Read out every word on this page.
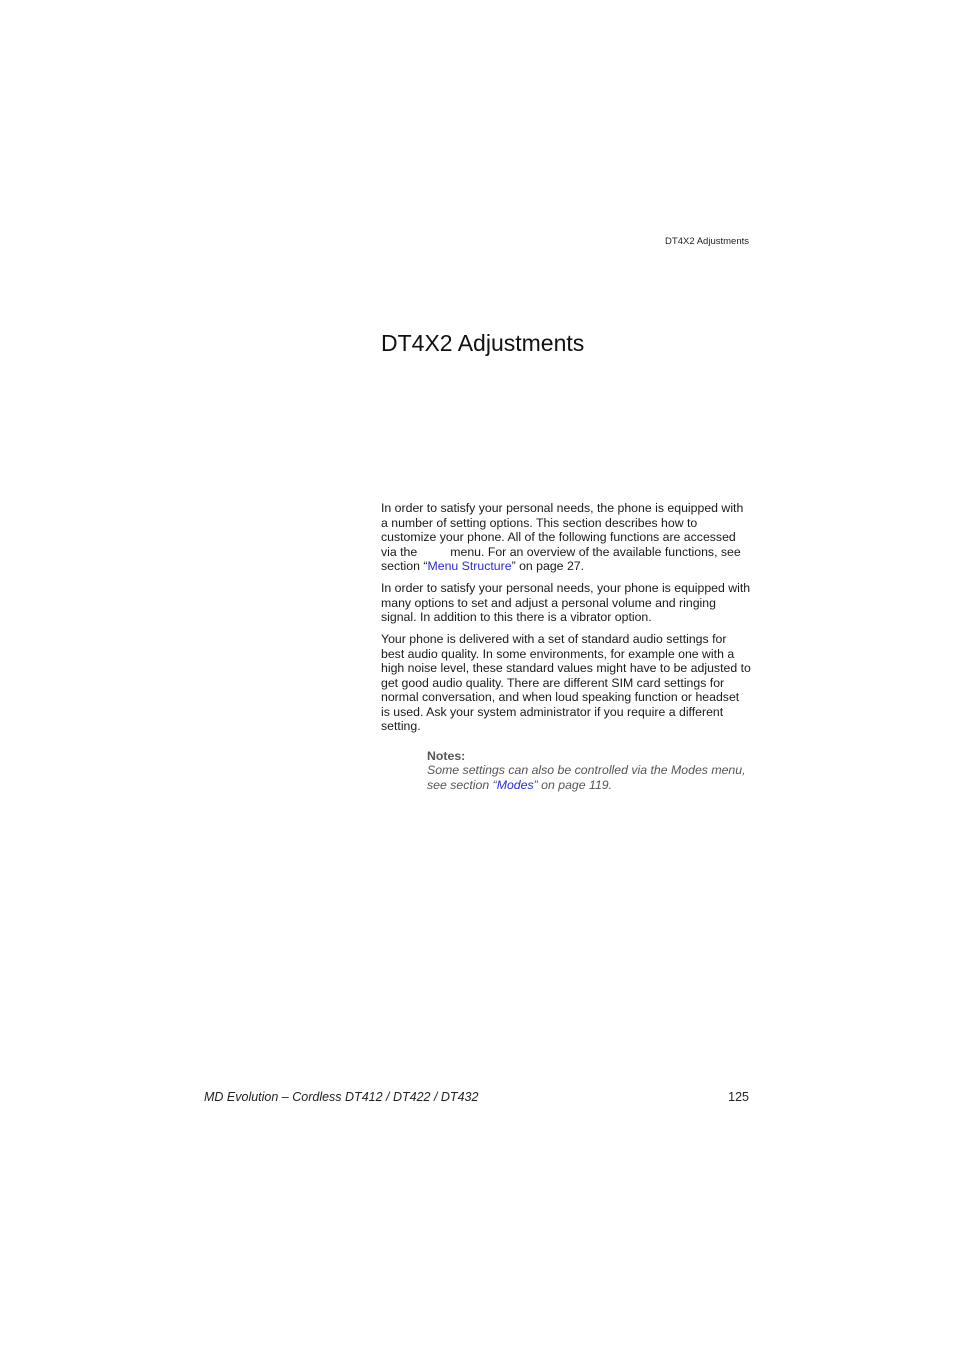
DT4X2 Adjustments
DT4X2 Adjustments

In order to satisfy your personal needs, the phone is equipped with a number of setting options. This section describes how to customize your phone. All of the following functions are accessed via the	menu. For an overview of the available functions, see section “Menu Structure” on page 27.

In order to satisfy your personal needs, your phone is equipped with many options to set and adjust a personal volume and ringing signal. In addition to this there is a vibrator option.

Your phone is delivered with a set of standard audio settings for best audio quality. In some environments, for example one with a high noise level, these standard values might have to be adjusted to get good audio quality. There are different SIM card settings for normal conversation, and when loud speaking function or headset is used. Ask your system administrator if you require a different setting.

Notes:
Some settings can also be controlled via the Modes menu, see section “Modes” on page 119.
MD Evolution – Cordless DT412 / DT422 / DT432	125
